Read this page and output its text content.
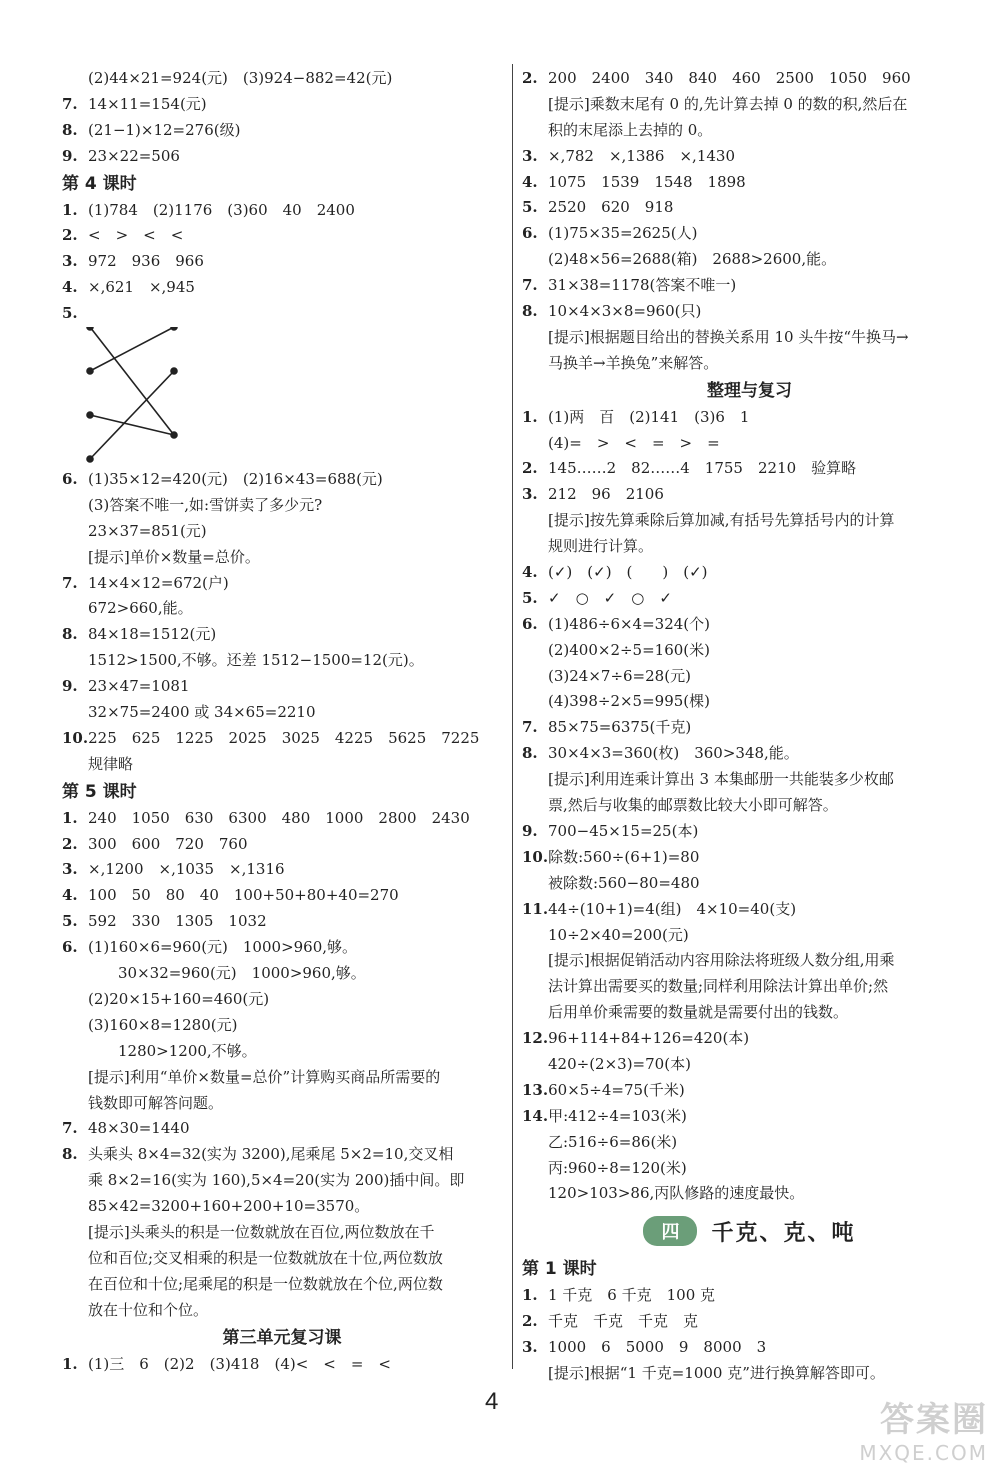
(2)44×21=924(元)　(3)924−882=42(元)
7. 14×11=154(元)
8. (21−1)×12=276(级)
9. 23×22=506
第 4 课时
1. (1)784　(2)1176　(3)60　40　2400
2. <　>　<　<
3. 972　936　966
4. ×,621　×,945
5.
6. (1)35×12=420(元)　(2)16×43=688(元)
(3)答案不唯一,如:雪饼卖了多少元?
23×37=851(元)
[提示]单价×数量=总价。
7. 14×4×12=672(户)
672>660,能。
8. 84×18=1512(元)
1512>1500,不够。还差 1512−1500=12(元)。
9. 23×47=1081
32×75=2400 或 34×65=2210
10.225　625　1225　2025　3025　4225　5625　7225
规律略
第 5 课时
1. 240　1050　630　6300　480　1000　2800　2430
2. 300　600　720　760
3. ×,1200　×,1035　×,1316
4. 100　50　80　40　100+50+80+40=270
5. 592　330　1305　1032
6. (1)160×6=960(元)　1000>960,够。
30×32=960(元)　1000>960,够。
(2)20×15+160=460(元)
(3)160×8=1280(元)
1280>1200,不够。
[提示]利用“单价×数量=总价”计算购买商品所需要的
钱数即可解答问题。
7. 48×30=1440
8. 头乘头 8×4=32(实为 3200),尾乘尾 5×2=10,交叉相
乘 8×2=16(实为 160),5×4=20(实为 200)插中间。即
85×42=3200+160+200+10=3570。
[提示]头乘头的积是一位数就放在百位,两位数放在千
位和百位;交叉相乘的积是一位数就放在十位,两位数放
在百位和十位;尾乘尾的积是一位数就放在个位,两位数
放在十位和个位。
第三单元复习课
1. (1)三　6　(2)2　(3)418　(4)<　<　=　<
2. 200　2400　340　840　460　2500　1050　960
[提示]乘数末尾有 0 的,先计算去掉 0 的数的积,然后在
积的末尾添上去掉的 0。
3. ×,782　×,1386　×,1430
4. 1075　1539　1548　1898
5. 2520　620　918
6. (1)75×35=2625(人)
(2)48×56=2688(箱)　2688>2600,能。
7. 31×38=1178(答案不唯一)
8. 10×4×3×8=960(只)
[提示]根据题目给出的替换关系用 10 头牛按“牛换马→
马换羊→羊换兔”来解答。
整理与复习
1. (1)两　百　(2)141　(3)6　1
(4)=　>　<　=　>　=
2. 145……2　82……4　1755　2210　验算略
3. 212　96　2106
[提示]按先算乘除后算加减,有括号先算括号内的计算
规则进行计算。
4. (✓)　(✓)　(　　)　(✓)
5. ✓　○　✓　○　✓
6. (1)486÷6×4=324(个)
(2)400×2÷5=160(米)
(3)24×7÷6=28(元)
(4)398÷2×5=995(棵)
7. 85×75=6375(千克)
8. 30×4×3=360(枚)　360>348,能。
[提示]利用连乘计算出 3 本集邮册一共能装多少枚邮
票,然后与收集的邮票数比较大小即可解答。
9. 700−45×15=25(本)
10.除数:560÷(6+1)=80
被除数:560−80=480
11.44÷(10+1)=4(组)　4×10=40(支)
10÷2×40=200(元)
[提示]根据促销活动内容用除法将班级人数分组,用乘
法计算出需要买的数量;同样利用除法计算出单价;然
后用单价乘需要的数量就是需要付出的钱数。
12.96+114+84+126=420(本)
420÷(2×3)=70(本)
13.60×5÷4=75(千米)
14.甲:412÷4=103(米)
乙:516÷6=86(米)
丙:960÷8=120(米)
120>103>86,丙队修路的速度最快。
四	千克、克、吨
第 1 课时
1. 1 千克　6 千克　100 克
2. 千克　千克　千克　克
3. 1000　6　5000　9　8000　3
[提示]根据“1 千克=1000 克”进行换算解答即可。
4	答案圈
MXQE.COM
